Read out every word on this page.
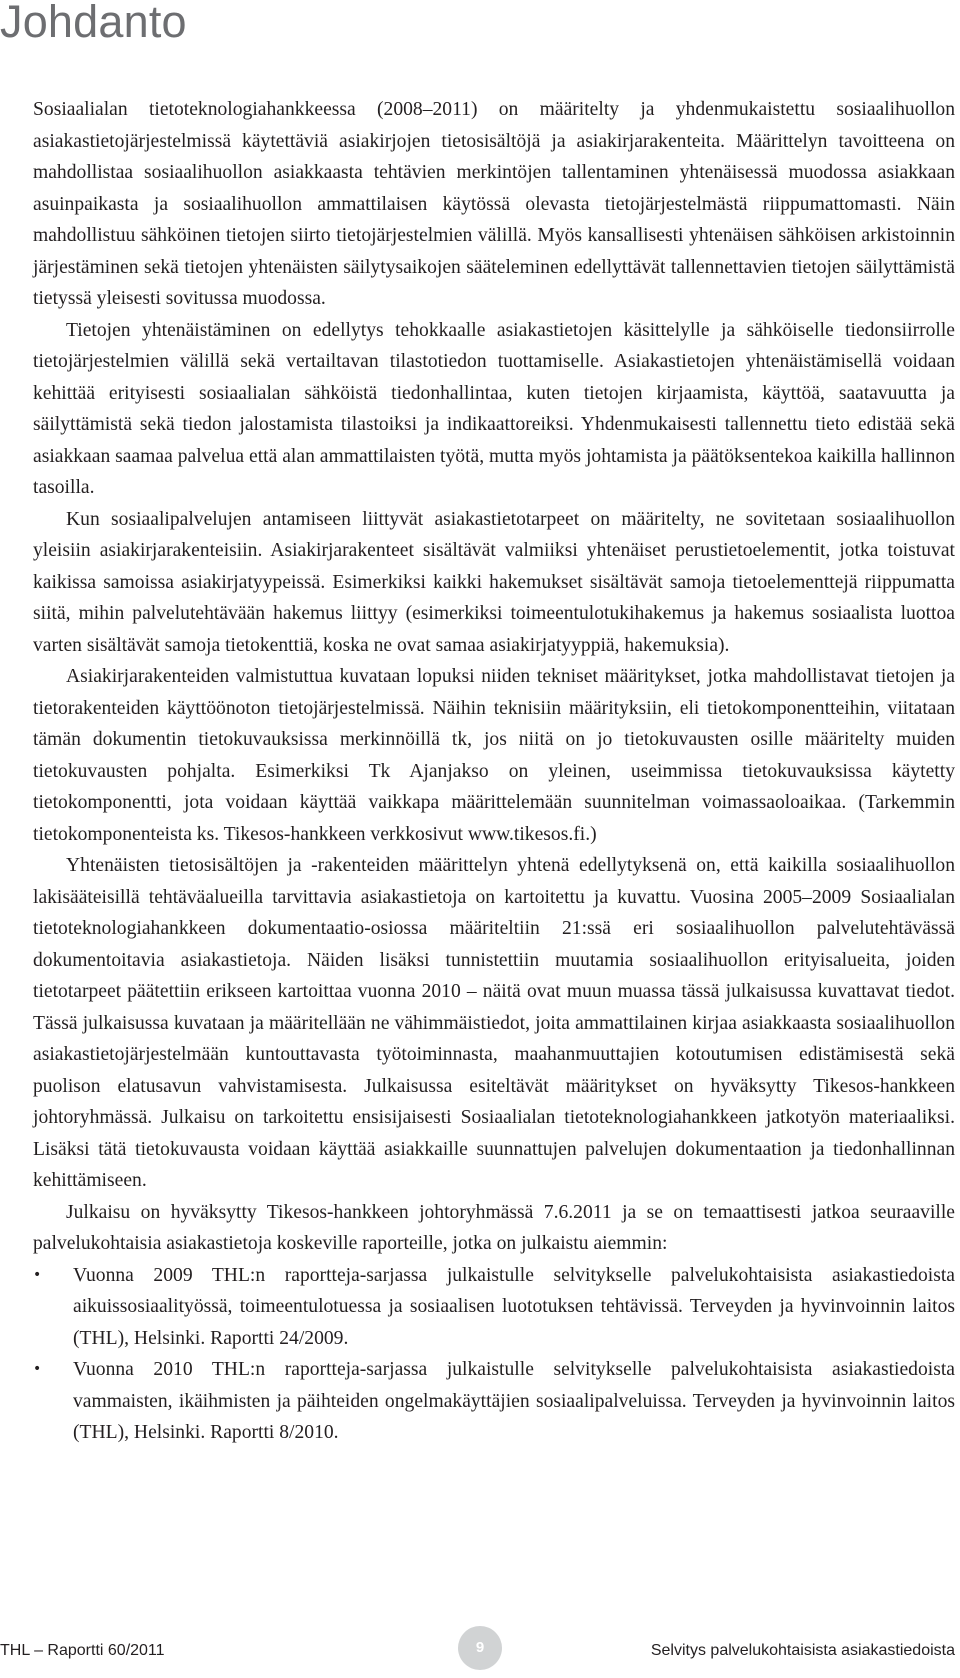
Johdanto

Sosiaalialan tietoteknologiahankkeessa (2008–2011) on määritelty ja yhdenmukaistettu sosiaalihuollon asiakastietojärjestelmissä käytettäviä asiakirjojen tietosisältöjä ja asiakirjarakenteita. Määrittelyn tavoitteena on mahdollistaa sosiaalihuollon asiakkaasta tehtävien merkintöjen tallentaminen yhtenäisessä muodossa asiakkaan asuinpaikasta ja sosiaalihuollon ammattilaisen käytössä olevasta tietojärjestelmästä riippumattomasti. Näin mahdollistuu sähköinen tietojen siirto tietojärjestelmien välillä. Myös kansallisesti yhtenäisen sähköisen arkistoinnin järjestäminen sekä tietojen yhtenäisten säilytysaikojen sääteleminen edellyttävät tallennettavien tietojen säilyttämistä tietyssä yleisesti sovitussa muodossa.

Tietojen yhtenäistäminen on edellytys tehokkaalle asiakastietojen käsittelylle ja sähköiselle tiedonsiirrolle tietojärjestelmien välillä sekä vertailtavan tilastotiedon tuottamiselle. Asiakastietojen yhtenäistämisellä voidaan kehittää erityisesti sosiaalialan sähköistä tiedonhallintaa, kuten tietojen kirjaamista, käyttöä, saatavuutta ja säilyttämistä sekä tiedon jalostamista tilastoiksi ja indikaattoreiksi. Yhdenmukaisesti tallennettu tieto edistää sekä asiakkaan saamaa palvelua että alan ammattilaisten työtä, mutta myös johtamista ja päätöksentekoa kaikilla hallinnon tasoilla.

Kun sosiaalipalvelujen antamiseen liittyvät asiakastietotarpeet on määritelty, ne sovitetaan sosiaalihuollon yleisiin asiakirjarakenteisiin. Asiakirjarakenteet sisältävät valmiiksi yhtenäiset perustietoelementit, jotka toistuvat kaikissa samoissa asiakirjatyypeissä. Esimerkiksi kaikki hakemukset sisältävät samoja tietoelementtejä riippumatta siitä, mihin palvelutehtävään hakemus liittyy (esimerkiksi toimeentulotukihakemus ja hakemus sosiaalista luottoa varten sisältävät samoja tietokenttiä, koska ne ovat samaa asiakirjatyyppiä, hakemuksia).

Asiakirjarakenteiden valmistuttua kuvataan lopuksi niiden tekniset määritykset, jotka mahdollistavat tietojen ja tietorakenteiden käyttöönoton tietojärjestelmissä. Näihin teknisiin määrityksiin, eli tietokomponentteihin, viitataan tämän dokumentin tietokuvauksissa merkinnöillä tk, jos niitä on jo tietokuvausten osille määritelty muiden tietokuvausten pohjalta. Esimerkiksi Tk Ajanjakso on yleinen, useimmissa tietokuvauksissa käytetty tietokomponentti, jota voidaan käyttää vaikkapa määrittelemään suunnitelman voimassaoloaikaa. (Tarkemmin tietokomponenteista ks. Tikesos-hankkeen verkkosivut www.tikesos.fi.)

Yhtenäisten tietosisältöjen ja -rakenteiden määrittelyn yhtenä edellytyksenä on, että kaikilla sosiaalihuollon lakisääteisillä tehtäväalueilla tarvittavia asiakastietoja on kartoitettu ja kuvattu. Vuosina 2005–2009 Sosiaalialan tietoteknologiahankkeen dokumentaatio-osiossa määriteltiin 21:ssä eri sosiaalihuollon palvelutehtävässä dokumentoitavia asiakastietoja. Näiden lisäksi tunnistettiin muutamia sosiaalihuollon erityisalueita, joiden tietotarpeet päätettiin erikseen kartoittaa vuonna 2010 – näitä ovat muun muassa tässä julkaisussa kuvattavat tiedot. Tässä julkaisussa kuvataan ja määritellään ne vähimmäistiedot, joita ammattilainen kirjaa asiakkaasta sosiaalihuollon asiakastietojärjestelmään kuntouttavasta työtoiminnasta, maahanmuuttajien kotoutumisen edistämisestä sekä puolison elatusavun vahvistamisesta. Julkaisussa esiteltävät määritykset on hyväksytty Tikesos-hankkeen johtoryhmässä. Julkaisu on tarkoitettu ensisijaisesti Sosiaalialan tietoteknologiahankkeen jatkotyön materiaaliksi. Lisäksi tätä tietokuvausta voidaan käyttää asiakkaille suunnattujen palvelujen dokumentaation ja tiedonhallinnan kehittämiseen.

Julkaisu on hyväksytty Tikesos-hankkeen johtoryhmässä 7.6.2011 ja se on temaattisesti jatkoa seuraaville palvelukohtaisia asiakastietoja koskeville raporteille, jotka on julkaistu aiemmin:

•	Vuonna 2009 THL:n raportteja-sarjassa julkaistulle selvitykselle palvelukohtaisista asiakastiedoista aikuissosiaalityössä, toimeentulotuessa ja sosiaalisen luototuksen tehtävissä. Terveyden ja hyvinvoinnin laitos (THL), Helsinki. Raportti 24/2009.
•	Vuonna 2010 THL:n raportteja-sarjassa julkaistulle selvitykselle palvelukohtaisista asiakastiedoista vammaisten, ikäihmisten ja päihteiden ongelmakäyttäjien sosiaalipalveluissa. Terveyden ja hyvinvoinnin laitos (THL), Helsinki. Raportti 8/2010.
THL – Raportti 60/2011	9	Selvitys palvelukohtaisista asiakastiedoista
